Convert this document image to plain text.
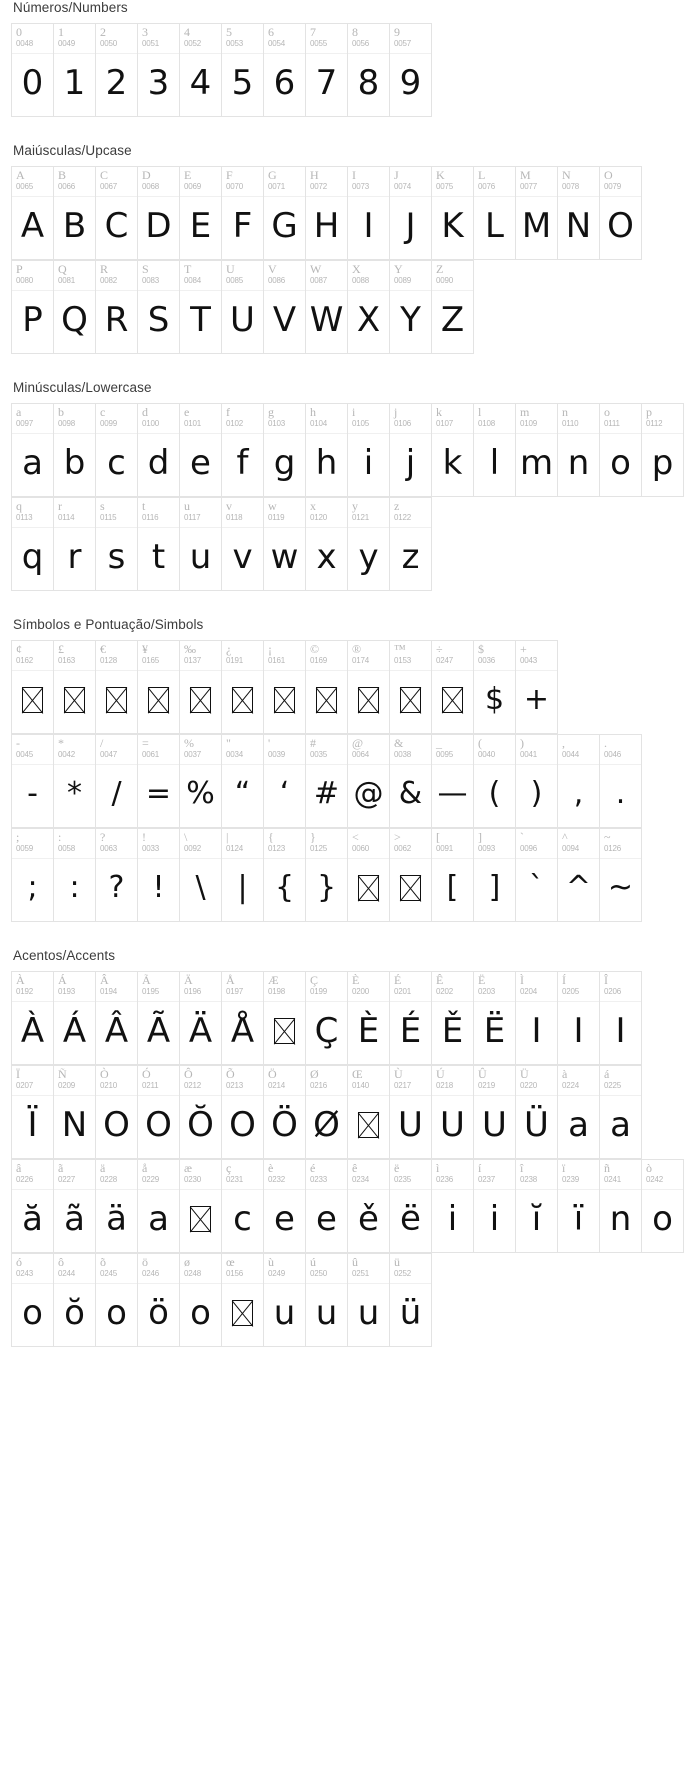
Números/Numbers
0
0048
0
1
0049
1
2
0050
2
3
0051
3
4
0052
4
5
0053
5
6
0054
6
7
0055
7
8
0056
8
9
0057
9
Maiúsculas/Upcase
A
0065
A
B
0066
B
C
0067
C
D
0068
D
E
0069
E
F
0070
F
G
0071
G
H
0072
H
I
0073
I
J
0074
J
K
0075
K
L
0076
L
M
0077
M
N
0078
N
O
0079
O
P
0080
P
Q
0081
Q
R
0082
R
S
0083
S
T
0084
T
U
0085
U
V
0086
V
W
0087
W
X
0088
X
Y
0089
Y
Z
0090
Z
Minúsculas/Lowercase
a
0097
a
b
0098
b
c
0099
c
d
0100
d
e
0101
e
f
0102
f
g
0103
g
h
0104
h
i
0105
i
j
0106
j
k
0107
k
l
0108
l
m
0109
m
n
0110
n
o
0111
o
p
0112
p
q
0113
q
r
0114
r
s
0115
s
t
0116
t
u
0117
u
v
0118
v
w
0119
w
x
0120
x
y
0121
y
z
0122
z
Símbolos e Pontuação/Simbols
¢
0162
£
0163
€
0128
¥
0165
‰
0137
¿
0191
¡
0161
©
0169
®
0174
™
0153
÷
0247
$
0036
$
+
0043
+
-
0045
-
*
0042
*
/
0047
/
=
0061
=
%
0037
%
"
0034
“
'
0039
‘
#
0035
#
@
0064
@
&
0038
&
_
0095
—
(
0040
(
)
0041
)
,
0044
,
.
0046
.
;
0059
;
:
0058
:
?
0063
?
!
0033
!
\
0092
\
|
0124
|
{
0123
{
}
0125
}
<
0060
>
0062
[
0091
[
]
0093
]
`
0096
`
^
0094
^
~
0126
~
Acentos/Accents
À
0192
À
Á
0193
Á
Â
0194
Â
Ã
0195
Ã
Ä
0196
Ä
Å
0197
Å
Æ
0198
Ç
0199
Ç
È
0200
È
É
0201
É
Ê
0202
Ě
Ë
0203
Ë
Ì
0204
I
Í
0205
I
Î
0206
I
Ï
0207
Ï
Ñ
0209
N
Ò
0210
O
Ó
0211
O
Ô
0212
Ŏ
Õ
0213
O
Ö
0214
Ö
Ø
0216
Ø
Œ
0140
Ù
0217
U
Ú
0218
U
Û
0219
U
Ü
0220
Ü
à
0224
a
á
0225
a
â
0226
ă
ã
0227
ã
ä
0228
ä
å
0229
a
æ
0230
ç
0231
c
è
0232
e
é
0233
e
ê
0234
ě
ë
0235
ë
ì
0236
i
í
0237
i
î
0238
ĭ
ï
0239
ï
ñ
0241
n
ò
0242
o
ó
0243
o
ô
0244
ŏ
õ
0245
o
ö
0246
ö
ø
0248
o
œ
0156
ù
0249
u
ú
0250
u
û
0251
u
ü
0252
ü
